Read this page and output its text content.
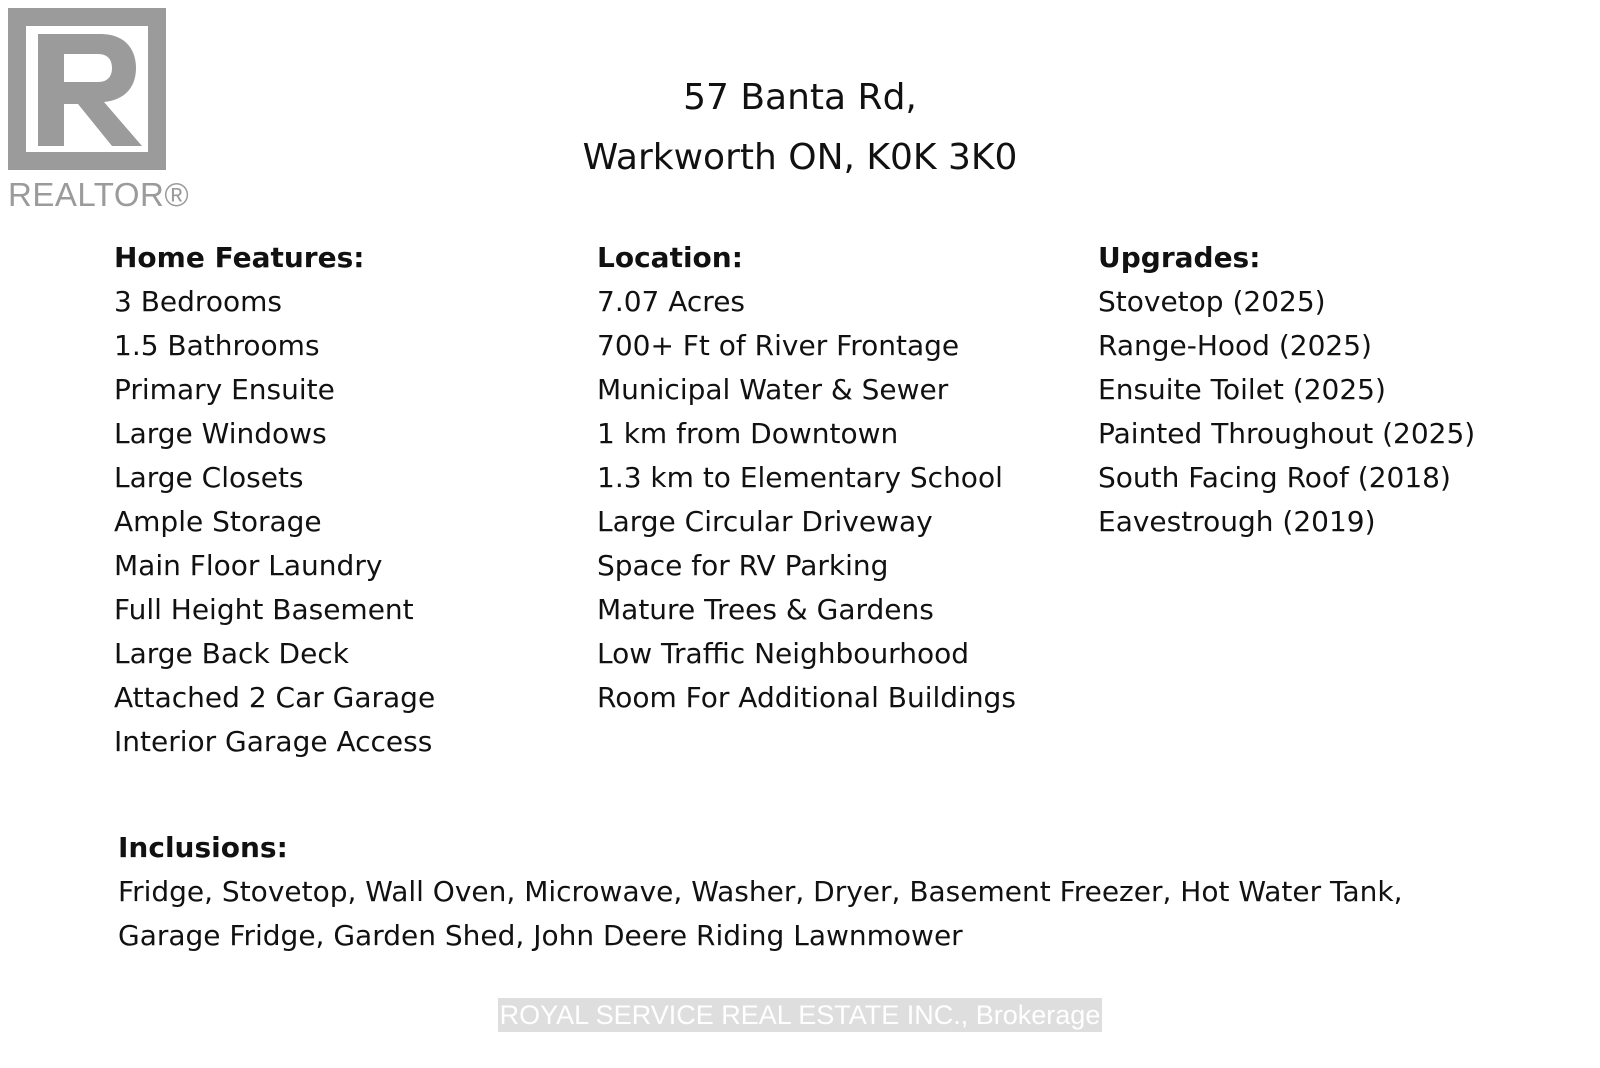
REALTOR®
57 Banta Rd,
Warkworth ON, K0K 3K0
Home Features:
3 Bedrooms
1.5 Bathrooms
Primary Ensuite
Large Windows
Large Closets
Ample Storage
Main Floor Laundry
Full Height Basement
Large Back Deck
Attached 2 Car Garage
Interior Garage Access
Location:
7.07 Acres
700+ Ft of River Frontage
Municipal Water & Sewer
1 km from Downtown
1.3 km to Elementary School
Large Circular Driveway
Space for RV Parking
Mature Trees & Gardens
Low Traffic Neighbourhood
Room For Additional Buildings
Upgrades:
Stovetop (2025)
Range-Hood (2025)
Ensuite Toilet (2025)
Painted Throughout (2025)
South Facing Roof (2018)
Eavestrough (2019)
Inclusions:
Fridge, Stovetop, Wall Oven, Microwave, Washer, Dryer, Basement Freezer, Hot Water Tank,
Garage Fridge, Garden Shed, John Deere Riding Lawnmower
ROYAL SERVICE REAL ESTATE INC., Brokerage
